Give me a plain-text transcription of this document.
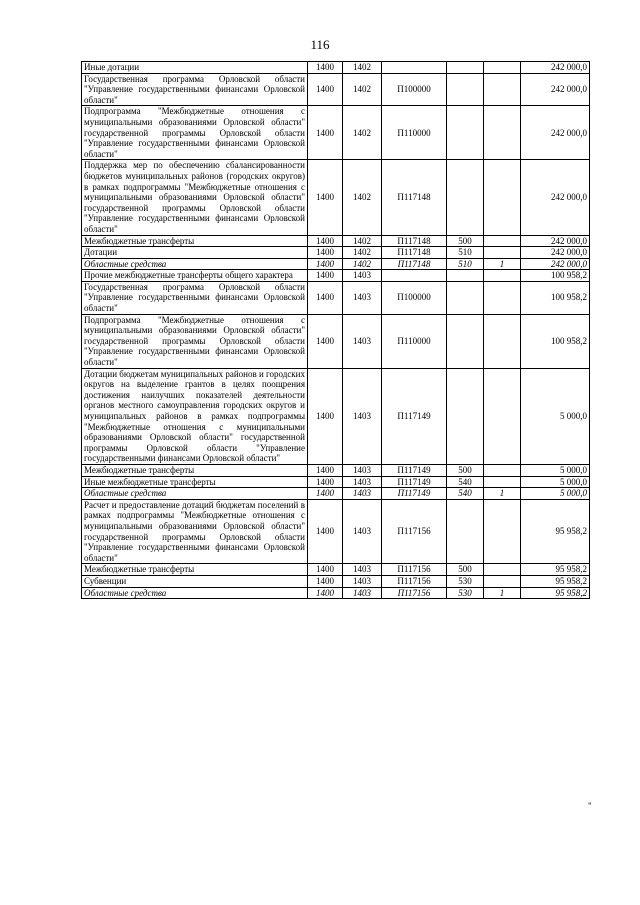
116
Иные дотации	1400	1402				242 000,0
Государственная программа Орловской области "Управление государственными финансами Орловской области"	1400	1402	П100000			242 000,0
Подпрограмма "Межбюджетные отношения с муниципальными образованиями Орловской области" государственной программы Орловской области "Управление государственными финансами Орловской области"	1400	1402	П110000			242 000,0
Поддержка мер по обеспечению сбалансированности бюджетов муниципальных районов (городских округов) в рамках подпрограммы "Межбюджетные отношения с муниципальными образованиями Орловской области" государственной программы Орловской области "Управление государственными финансами Орловской области"	1400	1402	П117148			242 000,0
Межбюджетные трансферты	1400	1402	П117148	500		242 000,0
Дотации	1400	1402	П117148	510		242 000,0
Областные средства	1400	1402	П117148	510	1	242 000,0
Прочие межбюджетные трансферты общего характера	1400	1403				100 958,2
Государственная программа Орловской области "Управление государственными финансами Орловской области"	1400	1403	П100000			100 958,2
Подпрограмма "Межбюджетные отношения с муниципальными образованиями Орловской области" государственной программы Орловской области "Управление государственными финансами Орловской области"	1400	1403	П110000			100 958,2
Дотации бюджетам муниципальных районов и городских округов на выделение грантов в целях поощрения достижения наилучших показателей деятельности органов местного самоуправления городских округов и муниципальных районов в рамках подпрограммы "Межбюджетные отношения с муниципальными образованиями Орловской области" государственной программы Орловской области "Управление государственными финансами Орловской области"	1400	1403	П117149			5 000,0
Межбюджетные трансферты	1400	1403	П117149	500		5 000,0
Иные межбюджетные трансферты	1400	1403	П117149	540		5 000,0
Областные средства	1400	1403	П117149	540	1	5 000,0
Расчет и предоставление дотаций бюджетам поселений в рамках подпрограммы "Межбюджетные отношения с муниципальными образованиями Орловской области" государственной программы Орловской области "Управление государственными финансами Орловской области"	1400	1403	П117156			95 958,2
Межбюджетные трансферты	1400	1403	П117156	500		95 958,2
Субвенции	1400	1403	П117156	530		95 958,2
Областные средства	1400	1403	П117156	530	1	95 958,2
"
